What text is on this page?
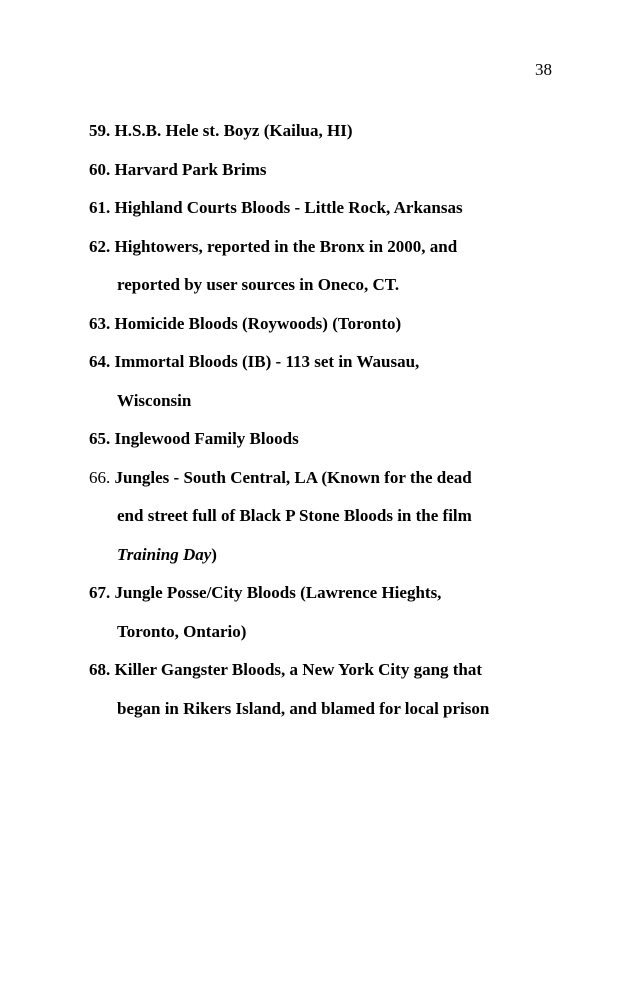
38
59. H.S.B. Hele st. Boyz (Kailua, HI)
60. Harvard Park Brims
61. Highland Courts Bloods - Little Rock, Arkansas
62. Hightowers, reported in the Bronx in 2000, and
reported by user sources in Oneco, CT.
63. Homicide Bloods (Roywoods) (Toronto)
64. Immortal Bloods (IB) - 113 set in Wausau,
Wisconsin
65. Inglewood Family Bloods
66. Jungles - South Central, LA (Known for the dead
end street full of Black P Stone Bloods in the film
Training Day)
67. Jungle Posse/City Bloods (Lawrence Hieghts,
Toronto, Ontario)
68. Killer Gangster Bloods, a New York City gang that
began in Rikers Island, and blamed for local prison
